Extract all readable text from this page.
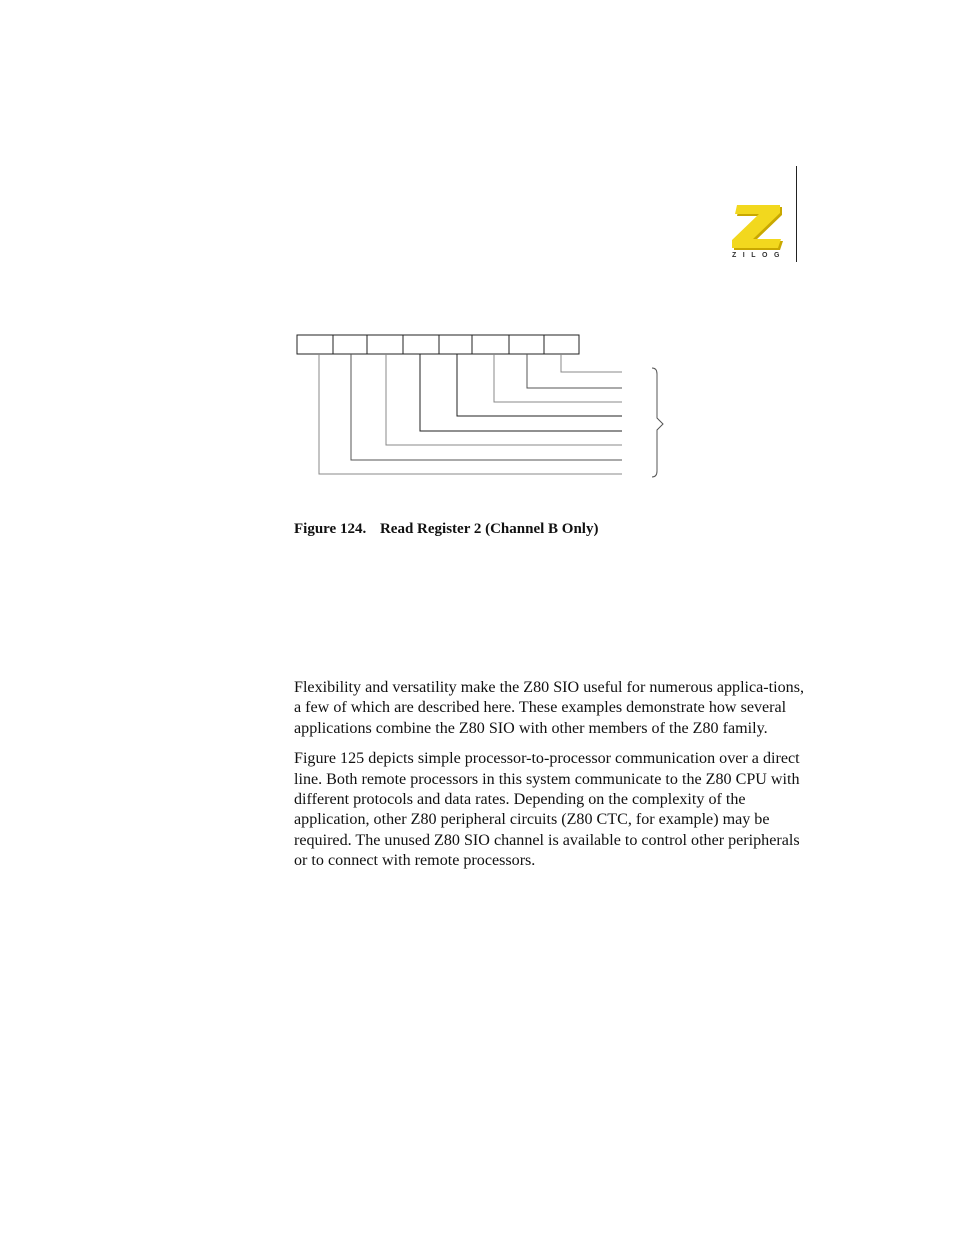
ZILOG
Figure 124. Read Register 2 (Channel B Only)

Flexibility and versatility make the Z80 SIO useful for numerous applica-tions, a few of which are described here. These examples demonstrate how several applications combine the Z80 SIO with other members of the Z80 family.

Figure 125 depicts simple processor-to-processor communication over a direct line. Both remote processors in this system communicate to the Z80 CPU with different protocols and data rates. Depending on the complexity of the application, other Z80 peripheral circuits (Z80 CTC, for example) may be required. The unused Z80 SIO channel is available to control other peripherals or to connect with remote processors.
